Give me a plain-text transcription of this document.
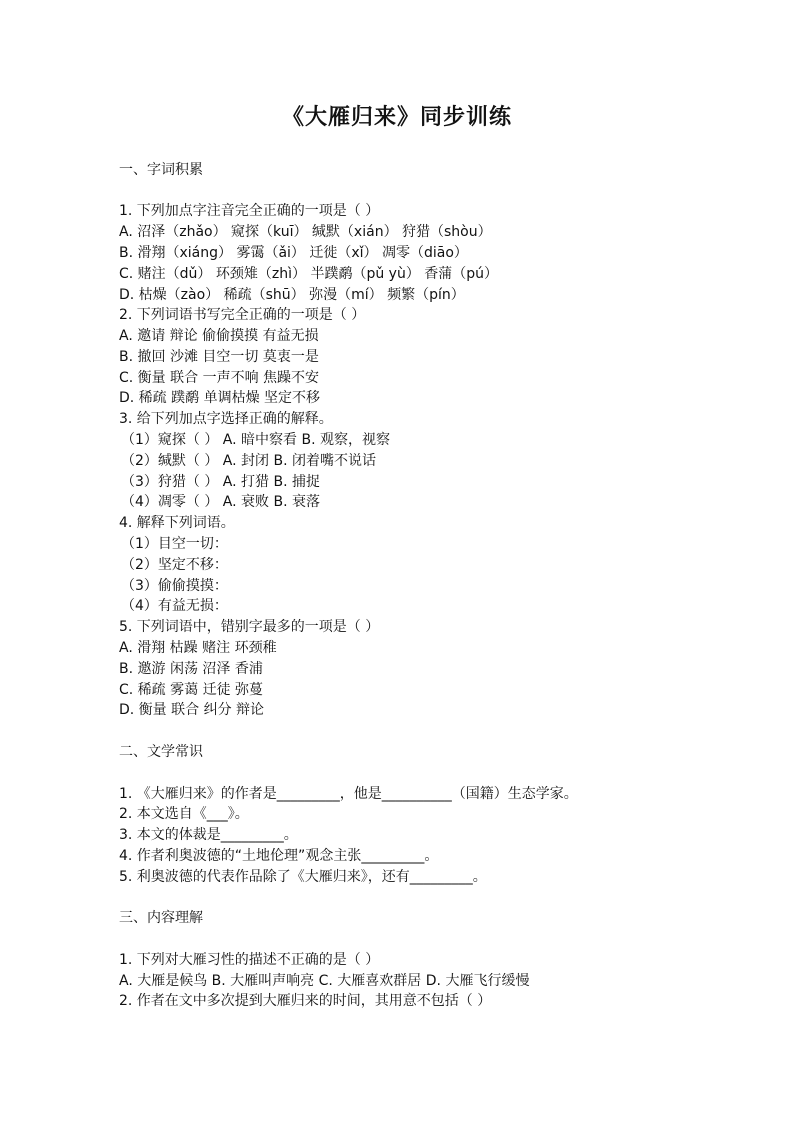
《大雁归来》同步训练
一、字词积累
1. 下列加点字注音完全正确的一项是（ ）
A. 沼泽（zhǎo） 窥探（kuī） 缄默（xián） 狩猎（shòu）
B. 滑翔（xiáng） 雾霭（ǎi） 迁徙（xǐ） 凋零（diāo）
C. 赌注（dǔ） 环颈雉（zhì） 半蹼鹬（pǔ yù） 香蒲（pú）
D. 枯燥（zào） 稀疏（shū） 弥漫（mí） 频繁（pín）
2. 下列词语书写完全正确的一项是（ ）
A. 邀请 辩论 偷偷摸摸 有益无损
B. 撤回 沙滩 目空一切 莫衷一是
C. 衡量 联合 一声不响 焦躁不安
D. 稀疏 蹼鹬 单调枯燥 坚定不移
3. 给下列加点字选择正确的解释。
（1）窥探（ ） A. 暗中察看 B. 观察，视察
（2）缄默（ ） A. 封闭 B. 闭着嘴不说话
（3）狩猎（ ） A. 打猎 B. 捕捉
（4）凋零（ ） A. 衰败 B. 衰落
4. 解释下列词语。
（1）目空一切：
（2）坚定不移：
（3）偷偷摸摸：
（4）有益无损：
5. 下列词语中，错别字最多的一项是（ ）
A. 滑翔 枯躁 赌注 环颈稚
B. 邀游 闲荡 沼泽 香浦
C. 稀疏 雾蔼 迁徒 弥蔓
D. 衡量 联合 纠分 辩论
二、文学常识
1. 《大雁归来》的作者是_________，他是__________（国籍）生态学家。
2. 本文选自《___》。
3. 本文的体裁是_________。
4. 作者利奥波德的“土地伦理”观念主张_________。
5. 利奥波德的代表作品除了《大雁归来》，还有_________。
三、内容理解
1. 下列对大雁习性的描述不正确的是（ ）
A. 大雁是候鸟 B. 大雁叫声响亮 C. 大雁喜欢群居 D. 大雁飞行缓慢
2. 作者在文中多次提到大雁归来的时间，其用意不包括（ ）
